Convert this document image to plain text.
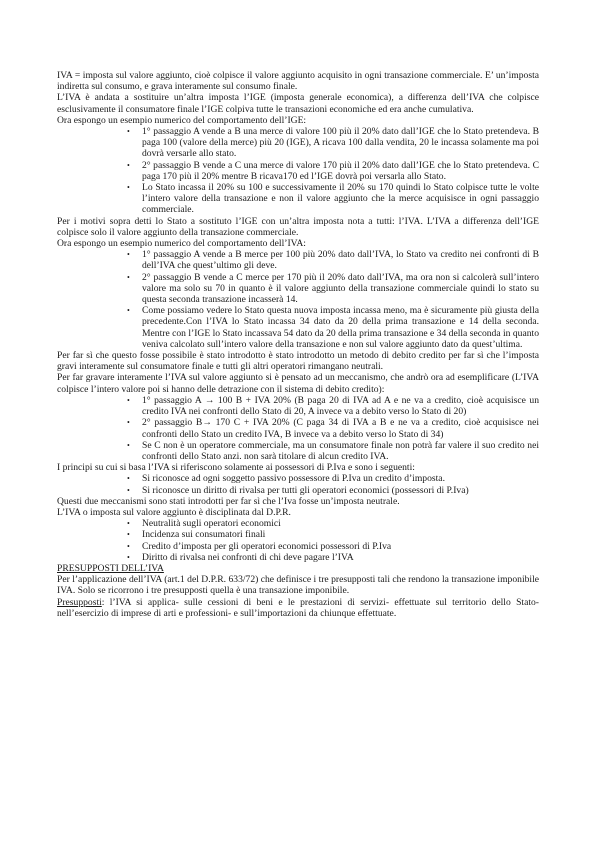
IVA = imposta sul valore aggiunto, cioè colpisce il valore aggiunto acquisito in ogni transazione commerciale. E’ un’imposta indiretta sul consumo, e grava interamente sul consumo finale.

L’IVA è andata a sostituire un’altra imposta l’IGE (imposta generale economica), a differenza dell’IVA che colpisce esclusivamente il consumatore finale l’IGE colpiva tutte le transazioni economiche ed era anche cumulativa.

Ora espongo un esempio numerico del comportamento dell’IGE:

• 1° passaggio A vende a B una merce di valore 100 più il 20% dato dall’IGE che lo Stato pretendeva. B paga 100 (valore della merce) più 20 (IGE), A ricava 100 dalla vendita, 20 le incassa solamente ma poi dovrà versarle allo stato.
• 2° passaggio B vende a C una merce di valore 170 più il 20% dato dall’IGE che lo Stato pretendeva. C paga 170 più il 20% mentre B ricava170 ed l’IGE dovrà poi versarla allo Stato.
• Lo Stato incassa il 20% su 100 e successivamente il 20% su 170 quindi lo Stato colpisce tutte le volte l’intero valore della transazione e non il valore aggiunto che la merce acquisisce in ogni passaggio commerciale.

Per i motivi sopra detti lo Stato a sostituto l’IGE con un’altra imposta nota a tutti: l’IVA. L’IVA a differenza dell’IGE colpisce solo il valore aggiunto della transazione commerciale.

Ora espongo un esempio numerico del comportamento dell’IVA:

• 1° passaggio A vende a B merce per 100 più 20% dato dall’IVA, lo Stato va credito nei confronti di B dell’IVA che quest’ultimo gli deve.
• 2° passaggio B vende a C merce per 170 più il 20% dato dall’IVA, ma ora non si calcolerà sull’intero valore ma solo su 70 in quanto è il valore aggiunto della transazione commerciale quindi lo stato su questa seconda transazione incasserà 14.
• Come possiamo vedere lo Stato questa nuova imposta incassa meno, ma è sicuramente più giusta della precedente.Con l’IVA lo Stato incassa 34 dato da 20 della prima transazione e 14 della seconda. Mentre con l’IGE lo Stato incassava 54 dato da 20 della prima transazione e 34 della seconda in quanto veniva calcolato sull’intero valore della transazione e non sul valore aggiunto dato da quest’ultima.

Per far sì che questo fosse possibile è stato introdotto è stato introdotto un metodo di debito credito per far sì che l’imposta gravi interamente sul consumatore finale e tutti gli altri operatori rimangano neutrali.

Per far gravare interamente l’IVA sul valore aggiunto si è pensato ad un meccanismo, che andrò ora ad esemplificare (L’IVA colpisce l’intero valore poi si hanno delle detrazione con il sistema di debito credito):

• 1° passaggio A → 100 B + IVA 20% (B paga 20 di IVA ad A e ne va a credito, cioè acquisisce un credito IVA nei confronti dello Stato di 20, A invece va a debito verso lo Stato di 20)
• 2° passaggio B→ 170 C + IVA 20% (C paga 34 di IVA a B e ne va a credito, cioè acquisisce nei confronti dello Stato un credito IVA, B invece va a debito verso lo Stato di 34)
• Se C non è un operatore commerciale, ma un consumatore finale non potrà far valere il suo credito nei confronti dello Stato anzi. non sarà titolare di alcun credito IVA.

I principi su cui si basa l’IVA si riferiscono solamente ai possessori di P.Iva e sono i seguenti:

• Si riconosce ad ogni soggetto passivo possessore di P.Iva un credito d’imposta.
• Si riconosce un diritto di rivalsa per tutti gli operatori economici (possessori di P.Iva)

Questi due meccanismi sono stati introdotti per far sì che l’Iva fosse un’imposta neutrale.

L’IVA o imposta sul valore aggiunto è disciplinata dal D.P.R.

• Neutralità sugli operatori economici
• Incidenza sui consumatori finali
• Credito d’imposta per gli operatori economici possessori di P.Iva
• Diritto di rivalsa nei confronti di chi deve pagare l’IVA

PRESUPPOSTI DELL’IVA

Per l’applicazione dell’IVA (art.1 del D.P.R. 633/72) che definisce i tre presupposti tali che rendono la transazione imponibile IVA. Solo se ricorrono i tre presupposti quella è una transazione imponibile.

Presupposti: l’IVA si applica- sulle cessioni di beni e le prestazioni di servizi- effettuate sul territorio dello Stato- nell’esercizio di imprese di arti e professioni- e sull’importazioni da chiunque effettuate.
